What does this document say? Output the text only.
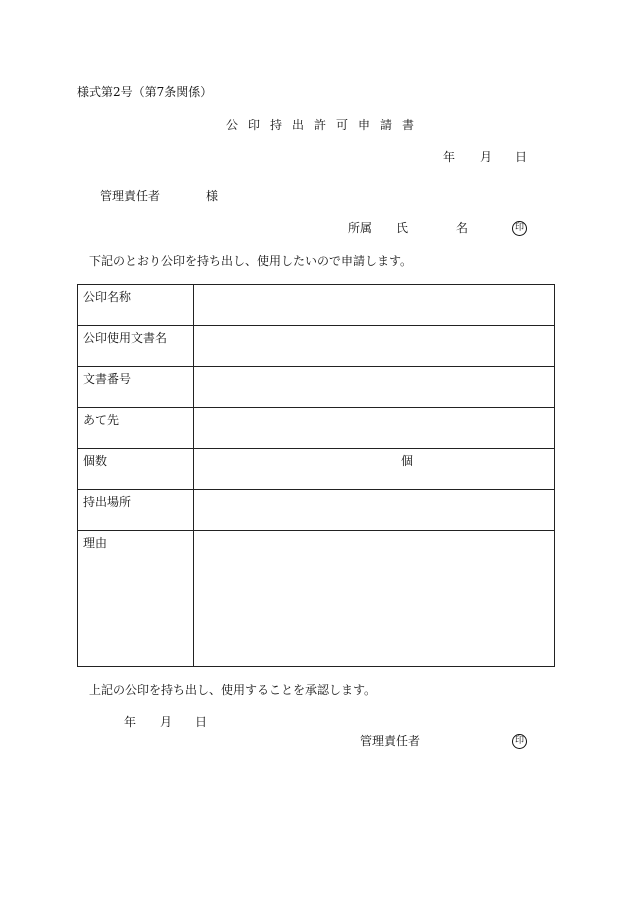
様式第2号（第7条関係）
公印持出許可申請書
年 月 日
管理責任者	様
所属 氏	名	印
下記のとおり公印を持ち出し、使用したいので申請します。
公印名称
公印使用文書名
文書番号
あて先
個数	個
持出場所
理由
上記の公印を持ち出し、使用することを承認します。
年 月 日
管理責任者	印
